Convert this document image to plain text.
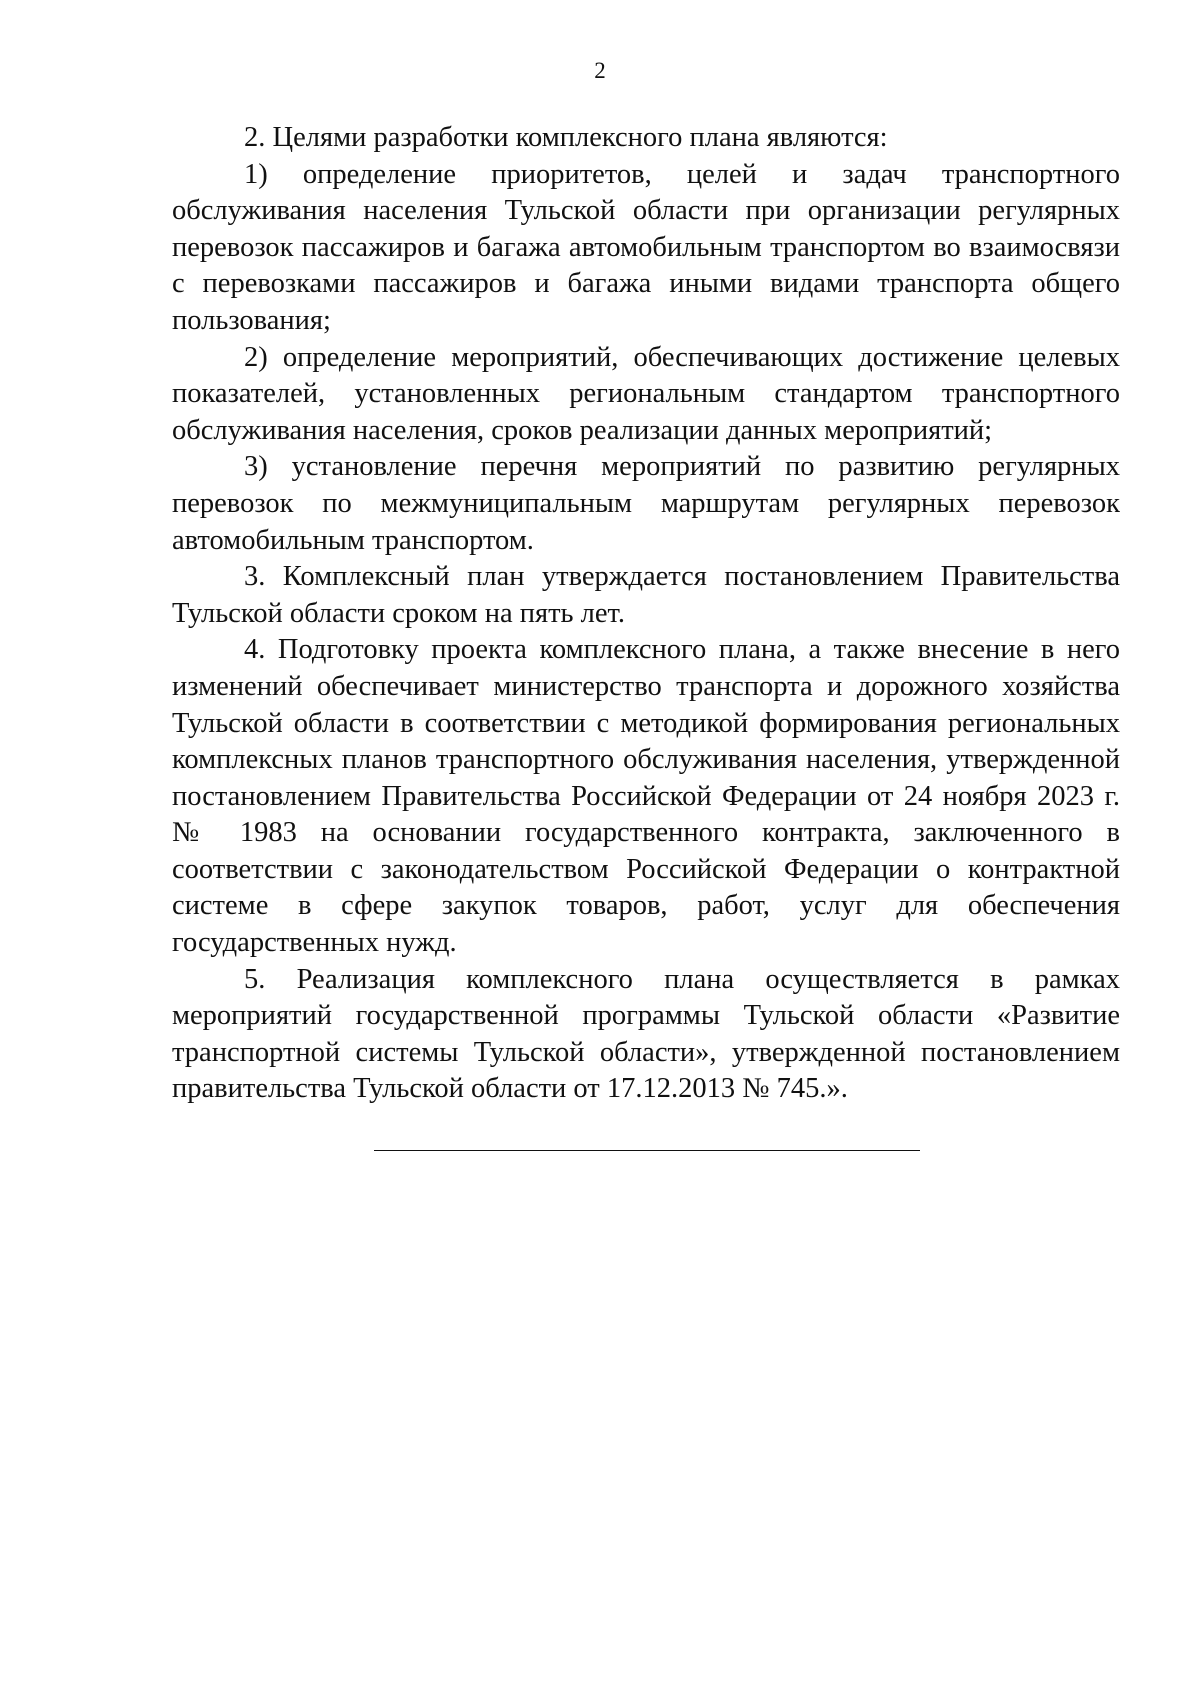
2

2. Целями разработки комплексного плана являются:

1) определение приоритетов, целей и задач транспортного обслуживания населения Тульской области при организации регулярных перевозок пассажиров и багажа автомобильным транспортом во взаимосвязи с перевозками пассажиров и багажа иными видами транспорта общего пользования;

2) определение мероприятий, обеспечивающих достижение целевых показателей, установленных региональным стандартом транспортного обслуживания населения, сроков реализации данных мероприятий;

3) установление перечня мероприятий по развитию регулярных перевозок по межмуниципальным маршрутам регулярных перевозок автомобильным транспортом.

3. Комплексный план утверждается постановлением Правительства Тульской области сроком на пять лет.

4. Подготовку проекта комплексного плана, а также внесение в него изменений обеспечивает министерство транспорта и дорожного хозяйства Тульской области в соответствии с методикой формирования региональных комплексных планов транспортного обслуживания населения, утвержденной постановлением Правительства Российской Федерации от 24 ноября 2023 г. № 1983 на основании государственного контракта, заключенного в соответствии с законодательством Российской Федерации о контрактной системе в сфере закупок товаров, работ, услуг для обеспечения государственных нужд.

5. Реализация комплексного плана осуществляется в рамках мероприятий государственной программы Тульской области «Развитие транспортной системы Тульской области», утвержденной постановлением правительства Тульской области от 17.12.2013 № 745.».
